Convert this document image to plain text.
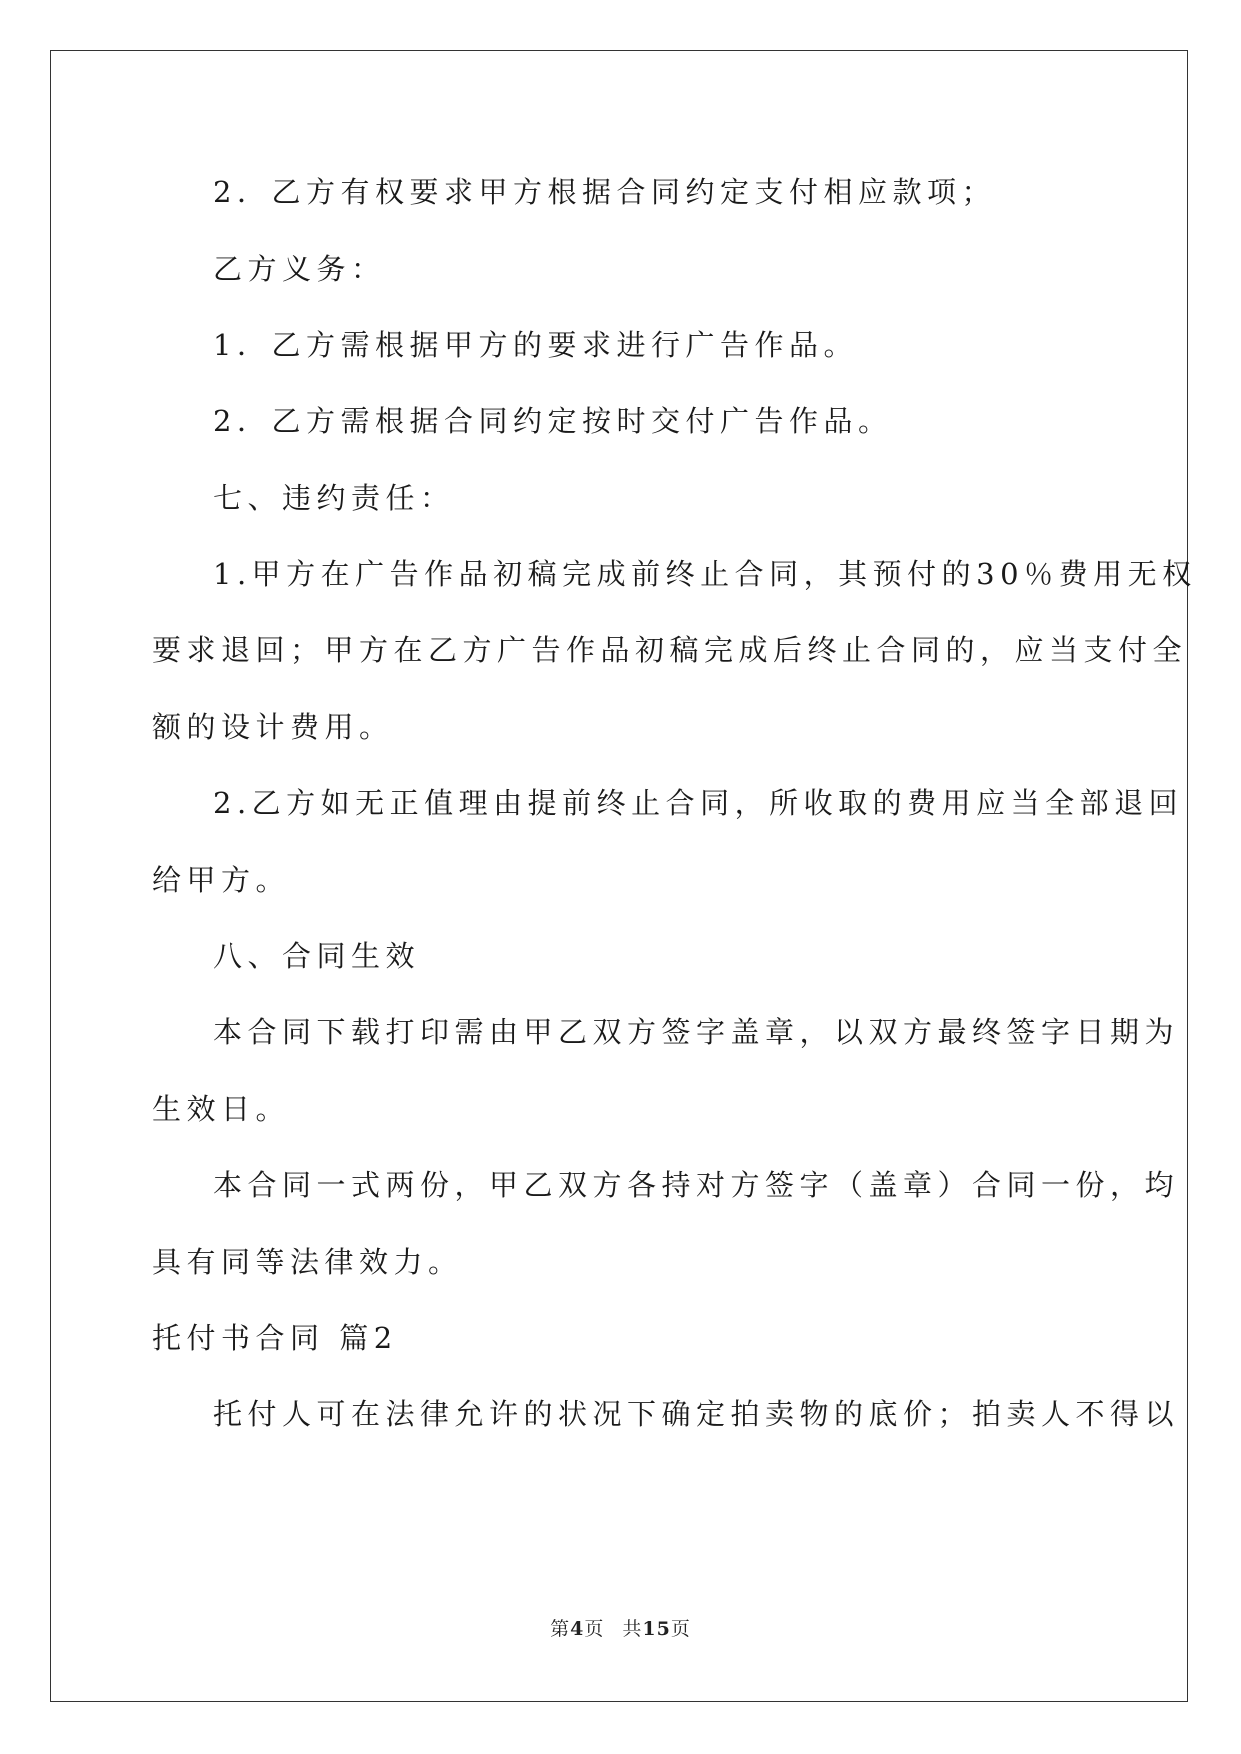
2．乙方有权要求甲方根据合同约定支付相应款项；
乙方义务：
1．乙方需根据甲方的要求进行广告作品。
2．乙方需根据合同约定按时交付广告作品。
七、违约责任：
1.甲方在广告作品初稿完成前终止合同，其预付的30％费用无权
要求退回；甲方在乙方广告作品初稿完成后终止合同的，应当支付全
额的设计费用。
2.乙方如无正值理由提前终止合同，所收取的费用应当全部退回
给甲方。
八、合同生效
本合同下载打印需由甲乙双方签字盖章，以双方最终签字日期为
生效日。
本合同一式两份，甲乙双方各持对方签字（盖章）合同一份，均
具有同等法律效力。
托付书合同 篇2
托付人可在法律允许的状况下确定拍卖物的底价；拍卖人不得以
第4页 共15页
